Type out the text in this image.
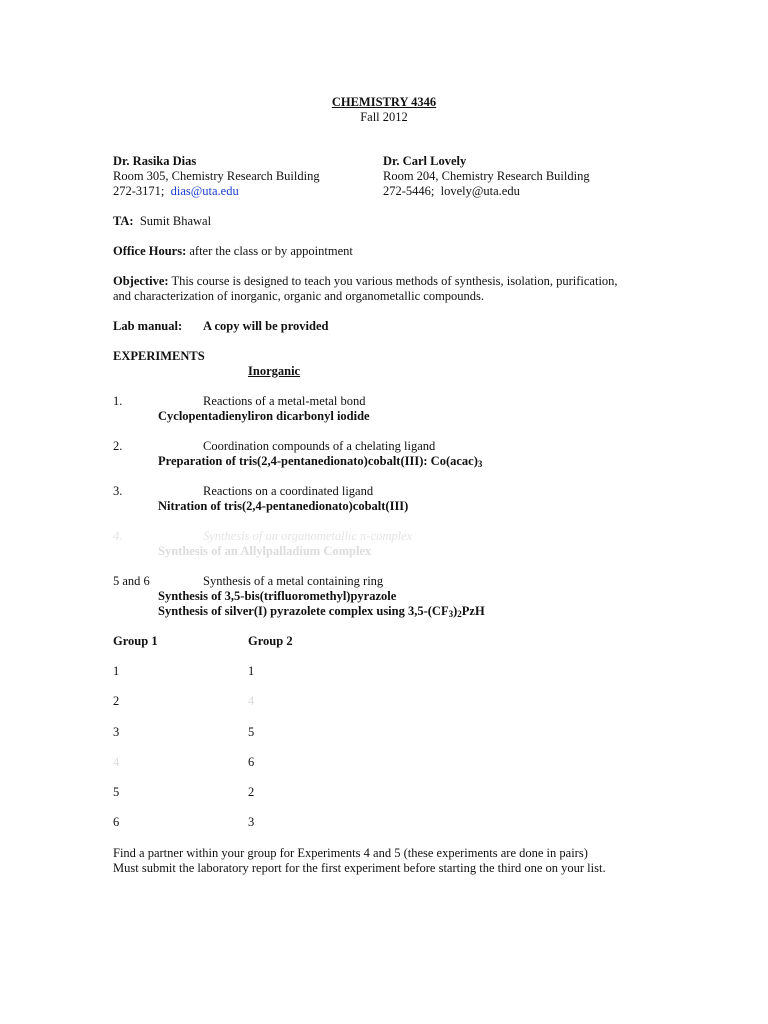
CHEMISTRY 4346
Fall 2012
Dr. Rasika Dias
Room 305, Chemistry Research Building
272-3171; dias@uta.edu
Dr. Carl Lovely
Room 204, Chemistry Research Building
272-5446; lovely@uta.edu
TA: Sumit Bhawal
Office Hours: after the class or by appointment
Objective: This course is designed to teach you various methods of synthesis, isolation, purification,
and characterization of inorganic, organic and organometallic compounds.
Lab manual: A copy will be provided
EXPERIMENTS
Inorganic
1.	Reactions of a metal-metal bond
Cyclopentadienyliron dicarbonyl iodide
2.	Coordination compounds of a chelating ligand
Preparation of tris(2,4-pentanedionato)cobalt(III): $Co(acac)_3$
3.	Reactions on a coordinated ligand
Nitration of tris(2,4-pentanedionato)cobalt(III)
4.	Synthesis of an organometallic π-complex
Synthesis of an Allylpalladium Complex
5 and 6	Synthesis of a metal containing ring
Synthesis of 3,5-bis(trifluoromethyl)pyrazole
Synthesis of silver(I) pyrazolete complex using $3,5-(CF_3)_2PzH$
Group 1	Group 2
1	1
2	4
3	5
4	6
5	2
6	3
Find a partner within your group for Experiments 4 and 5 (these experiments are done in pairs)
Must submit the laboratory report for the first experiment before starting the third one on your list.
